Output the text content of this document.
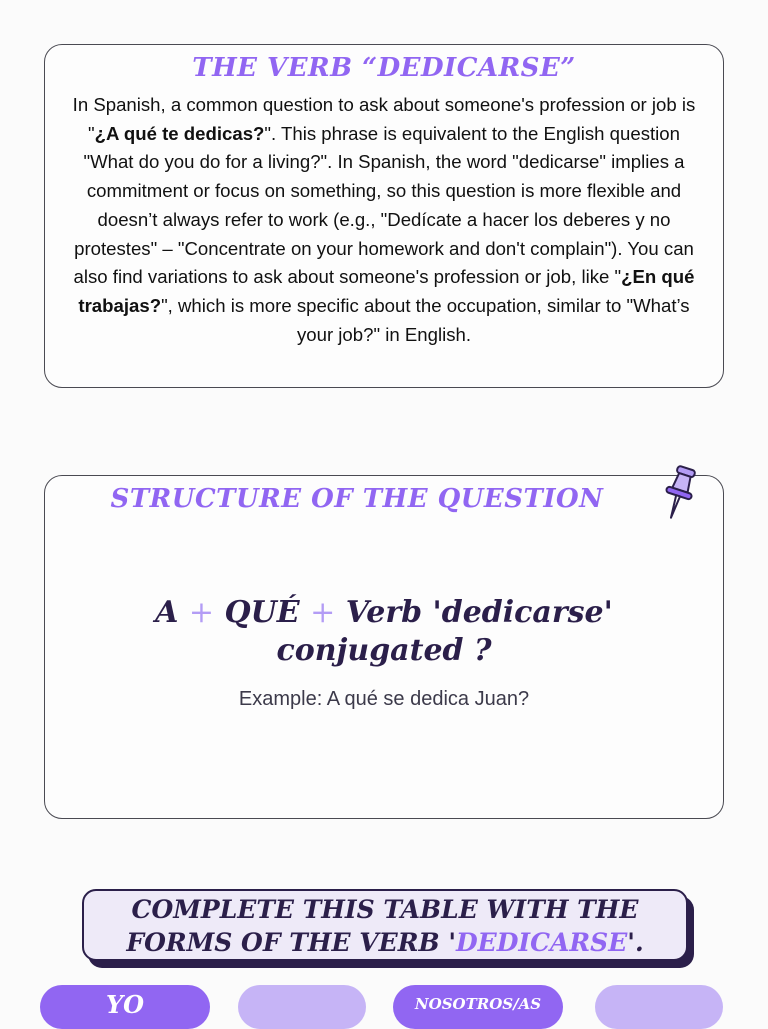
THE VERB “DEDICARSE”
In Spanish, a common question to ask about someone's profession or job is "¿A qué te dedicas?". This phrase is equivalent to the English question "What do you do for a living?". In Spanish, the word "dedicarse" implies a commitment or focus on something, so this question is more flexible and doesn’t always refer to work (e.g., "Dedícate a hacer los deberes y no protestes" – "Concentrate on your homework and don't complain"). You can also find variations to ask about someone's profession or job, like "¿En qué trabajas?", which is more specific about the occupation, similar to "What’s your job?" in English.
STRUCTURE OF THE QUESTION
A + QUÉ + Verb 'dedicarse'
conjugated ?
Example: A qué se dedica Juan?
COMPLETE THIS TABLE WITH THE
FORMS OF THE VERB 'DEDICARSE'.
YO	NOSOTROS/AS
